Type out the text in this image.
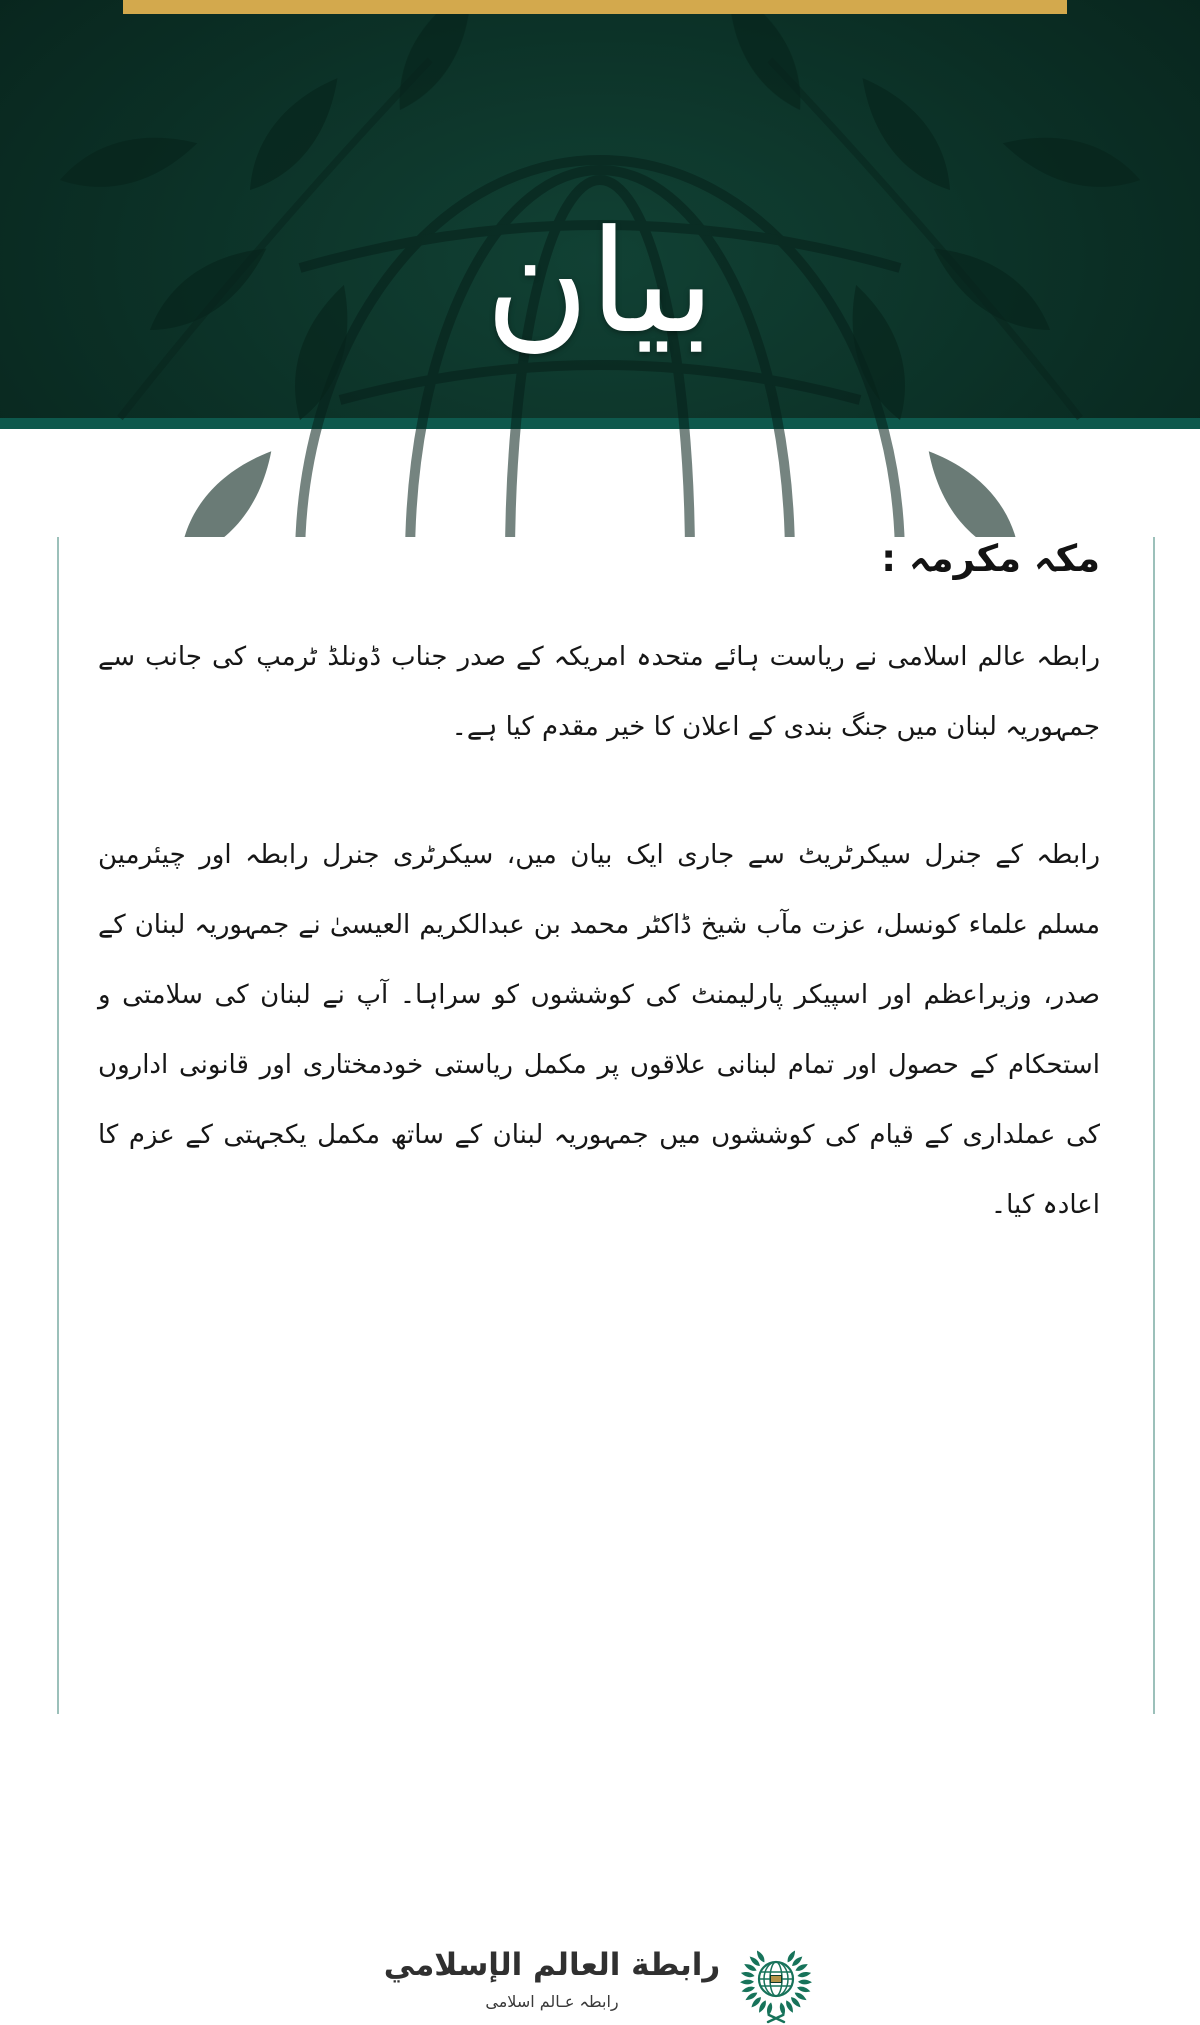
بيان
مکہ مکرمہ :

رابطہ عالم اسلامی نے ریاست ہائے متحدہ امریکہ کے صدر جناب ڈونلڈ ٹرمپ کی جانب سے جمہوریہ لبنان میں جنگ بندی کے اعلان کا خیر مقدم کیا ہے۔

رابطہ کے جنرل سیکرٹریٹ سے جاری ایک بیان میں، سیکرٹری جنرل رابطہ اور چیئرمین مسلم علماء کونسل، عزت مآب شیخ ڈاکٹر محمد بن عبدالکریم العیسیٰ نے جمہوریہ لبنان کے صدر، وزیراعظم اور اسپیکر پارلیمنٹ کی کوششوں کو سراہا۔ آپ نے لبنان کی سلامتی و استحکام کے حصول اور تمام لبنانی علاقوں پر مکمل ریاستی خودمختاری اور قانونی اداروں کی عملداری کے قیام کی کوششوں میں جمہوریہ لبنان کے ساتھ مکمل یکجہتی کے عزم کا اعادہ کیا۔

رابطة العالم الإسلامي
رابطہ عـالم اسلامی
